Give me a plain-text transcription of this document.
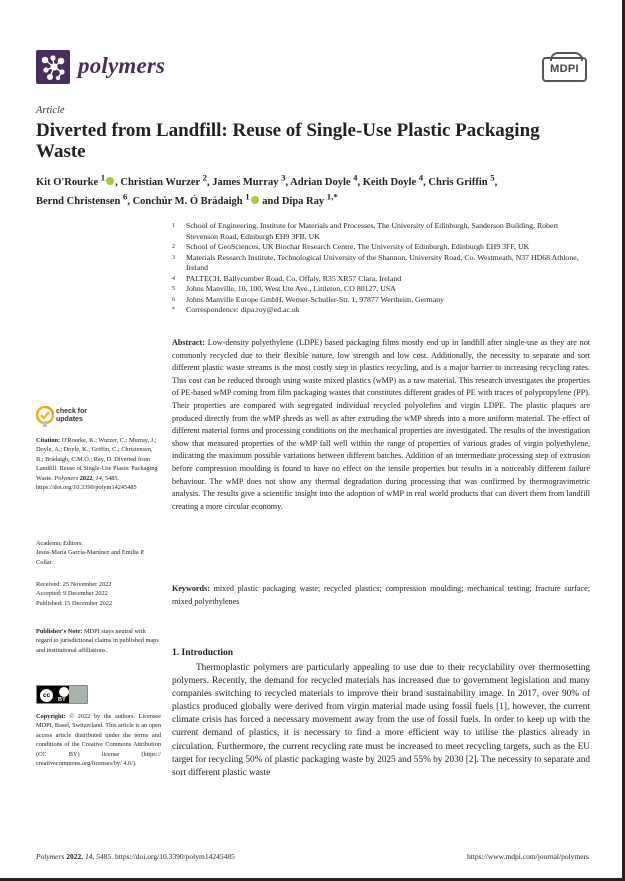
polymers	MDPI
Article
Diverted from Landfill: Reuse of Single-Use Plastic Packaging Waste
Kit O'Rourke $^1$ , Christian Wurzer $^2$, James Murray $^3$, Adrian Doyle $^4$, Keith Doyle $^4$, Chris Griffin $^5$,
Bernd Christensen $^6$, Conchúr M. Ó Brádaigh $^1$ and Dipa Ray $^{1,*}$
1	School of Engineering, Institute for Materials and Processes, The University of Edinburgh, Sanderson Building, Robert Stevenson Road, Edinburgh EH9 3FB, UK
2	School of GeoSciences, UK Biochar Research Centre, The University of Edinburgh, Edinburgh EH9 3FF, UK
3	Materials Research Institute, Technological University of the Shannon, University Road, Co. Westmeath, N37 HD68 Athlone, Ireland
4	PALTECH, Ballycumber Road, Co. Offaly, R35 XR57 Clara, Ireland
5	Johns Manville, 10, 100, West Ute Ave., Littleton, CO 80127, USA
6	Johns Manville Europe GmbH, Werner-Schuller-Str. 1, 97877 Wertheim, Germany
*	Correspondence: dipa.roy@ed.ac.uk
Abstract: Low-density polyethylene (LDPE) based packaging films mostly end up in landfill after single-use as they are not commonly recycled due to their flexible nature, low strength and low cost. Additionally, the necessity to separate and sort different plastic waste streams is the most costly step in plastics recycling, and is a major barrier to increasing recycling rates. This cost can be reduced through using waste mixed plastics (wMP) as a raw material. This research investigates the properties of PE-based wMP coming from film packaging wastes that constitutes different grades of PE with traces of polypropylene (PP). Their properties are compared with segregated individual recycled polyolefins and virgin LDPE. The plastic plaques are produced directly from the wMP shreds as well as after extruding the wMP shreds into a more uniform material. The effect of different material forms and processing conditions on the mechanical properties are investigated. The results of the investigation show that measured properties of the wMP fall well within the range of properties of various grades of virgin polyethylene, indicating the maximum possible variations between different batches. Addition of an intermediate processing step of extrusion before compression moulding is found to have no effect on the tensile properties but results in a noticeably different failure behaviour. The wMP does not show any thermal degradation during processing that was confirmed by thermogravimetric analysis. The results give a scientific insight into the adoption of wMP in real world products that can divert them from landfill creating a more circular economy.
Keywords: mixed plastic packaging waste; recycled plastics; compression moulding; mechanical testing; fracture surface; mixed polyethylenes
check for
updates
Citation: O'Rourke, K.; Wurzer, C.; Murray, J.; Doyle, A.; Doyle, K.; Griffin, C.; Christensen, B.; Brádaigh, C.M.Ó.; Ray, D. Diverted from Landfill: Reuse of Single-Use Plastic Packaging Waste. Polymers 2022, 14, 5485. https://doi.org/10.3390/polym14245485
Academic Editors:
Jesús-María García-Martínez and Emilia P. Collar
Received: 25 November 2022
Accepted: 9 December 2022
Published: 15 December 2022
Publisher's Note: MDPI stays neutral with regard to jurisdictional claims in published maps and institutional affiliations.
cc
BY
Copyright: © 2022 by the authors. Licensee MDPI, Basel, Switzerland. This article is an open access article distributed under the terms and conditions of the Creative Commons Attribution (CC BY) license (https:// creativecommons.org/licenses/by/ 4.0/).
1. Introduction
Thermoplastic polymers are particularly appealing to use due to their recyclability over thermosetting polymers. Recently, the demand for recycled materials has increased due to government legislation and many companies switching to recycled materials to improve their brand sustainability image. In 2017, over 90% of plastics produced globally were derived from virgin material made using fossil fuels [1], however, the current climate crisis has forced a necessary movement away from the use of fossil fuels. In order to keep up with the current demand of plastics, it is necessary to find a more efficient way to utilise the plastics already in circulation. Furthermore, the current recycling rate must be increased to meet recycling targets, such as the EU target for recycling 50% of plastic packaging waste by 2025 and 55% by 2030 [2]. The necessity to separate and sort different plastic waste
Polymers 2022, 14, 5485. https://doi.org/10.3390/polym14245485	https://www.mdpi.com/journal/polymers
